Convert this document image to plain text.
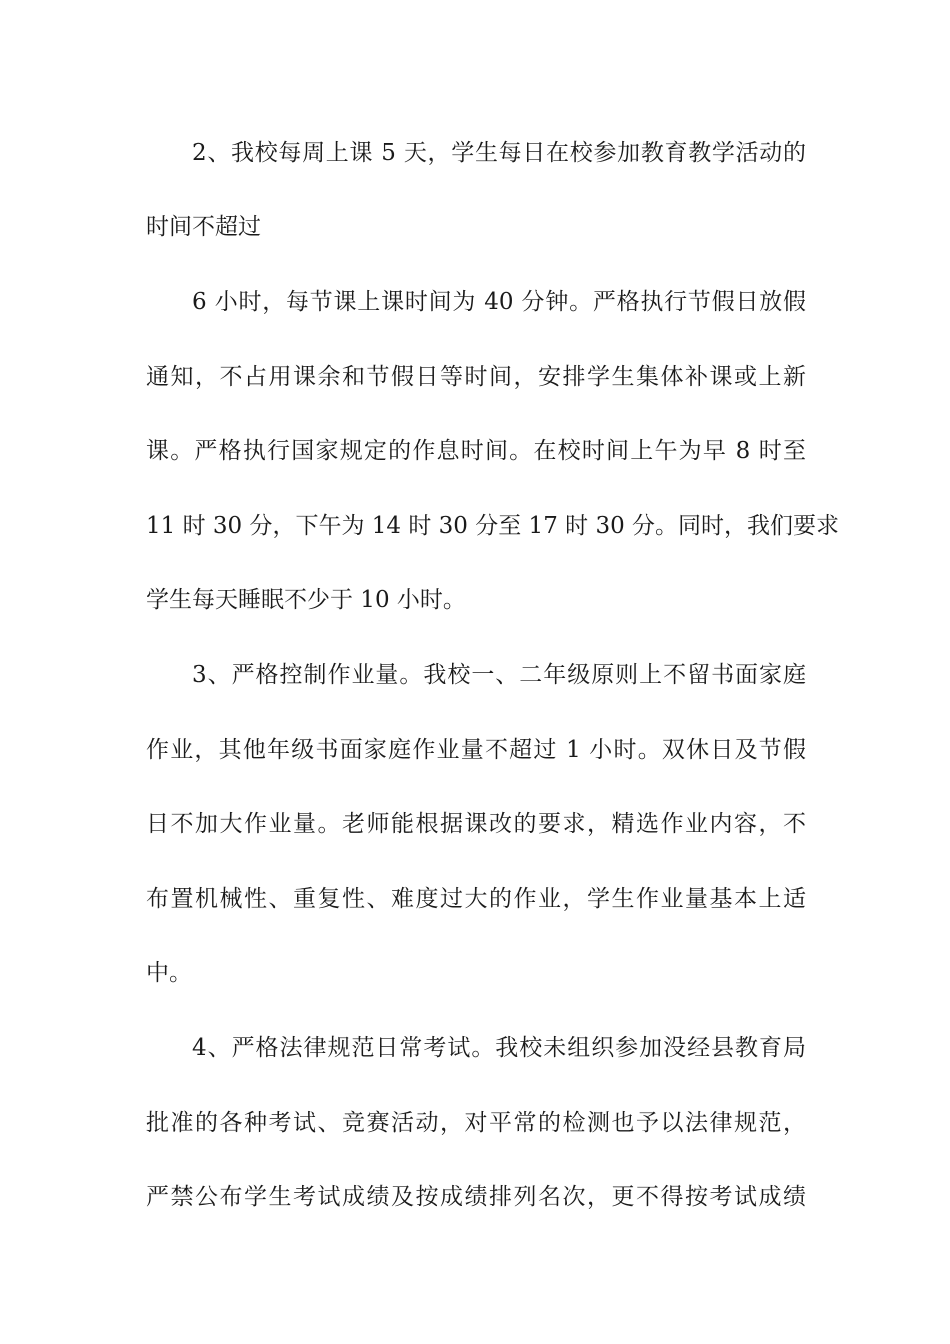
2、我校每周上课 5 天，学生每日在校参加教育教学活动的
时间不超过
6 小时，每节课上课时间为 40 分钟。严格执行节假日放假
通知，不占用课余和节假日等时间，安排学生集体补课或上新
课。严格执行国家规定的作息时间。在校时间上午为早 8 时至
11 时 30 分，下午为 14 时 30 分至 17 时 30 分。同时，我们要求
学生每天睡眠不少于 10 小时。
3、严格控制作业量。我校一、二年级原则上不留书面家庭
作业，其他年级书面家庭作业量不超过 1 小时。双休日及节假
日不加大作业量。老师能根据课改的要求，精选作业内容，不
布置机械性、重复性、难度过大的作业，学生作业量基本上适
中。
4、严格法律规范日常考试。我校未组织参加没经县教育局
批准的各种考试、竞赛活动，对平常的检测也予以法律规范，
严禁公布学生考试成绩及按成绩排列名次，更不得按考试成绩
